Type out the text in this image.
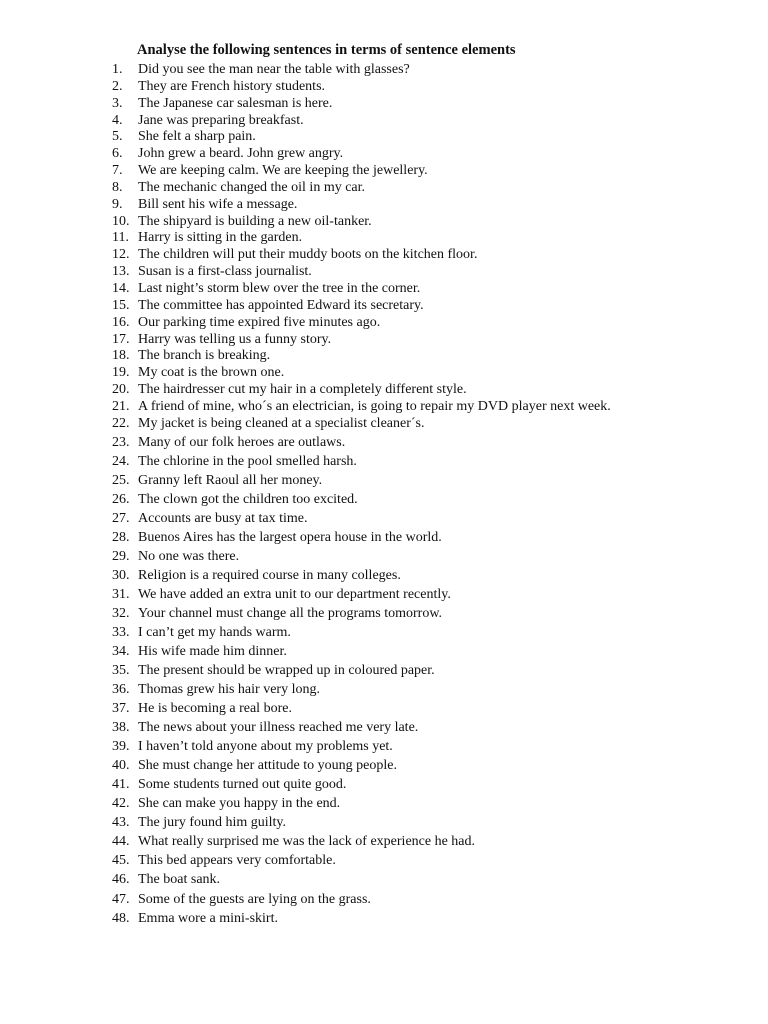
Analyse the following sentences in terms of sentence elements
1.	Did you see the man near the table with glasses?
2.	They are French history students.
3.	The Japanese car salesman is here.
4.	Jane was preparing breakfast.
5.	She felt a sharp pain.
6.	John grew a beard. John grew angry.
7.	We are keeping calm. We are keeping the jewellery.
8.	The mechanic changed the oil in my car.
9.	Bill sent his wife a message.
10. The shipyard is building a new oil-tanker.
11. Harry is sitting in the garden.
12. The children will put their muddy boots on the kitchen floor.
13. Susan is a first-class journalist.
14. Last night’s storm blew over the tree in the corner.
15. The committee has appointed Edward its secretary.
16. Our parking time expired five minutes ago.
17. Harry was telling us a funny story.
18. The branch is breaking.
19. My coat is the brown one.
20. The hairdresser cut my hair in a completely different style.
21. A friend of mine, who´s an electrician, is going to repair my DVD player next week.
22. My jacket is being cleaned at a specialist cleaner´s.
23. Many of our folk heroes are outlaws.
24. The chlorine in the pool smelled harsh.
25. Granny left Raoul all her money.
26. The clown got the children too excited.
27. Accounts are busy at tax time.
28. Buenos Aires has the largest opera house in the world.
29. No one was there.
30. Religion is a required course in many colleges.
31. We have added an extra unit to our department recently.
32. Your channel must change all the programs tomorrow.
33. I can’t get my hands warm.
34. His wife made him dinner.
35. The present should be wrapped up in coloured paper.
36. Thomas grew his hair very long.
37. He is becoming a real bore.
38. The news about your illness reached me very late.
39. I haven’t told anyone about my problems yet.
40. She must change her attitude to young people.
41. Some students turned out quite good.
42. She can make you happy in the end.
43. The jury found him guilty.
44. What really surprised me was the lack of experience he had.
45. This bed appears very comfortable.
46. The boat sank.
47. Some of the guests are lying on the grass.
48. Emma wore a mini-skirt.
